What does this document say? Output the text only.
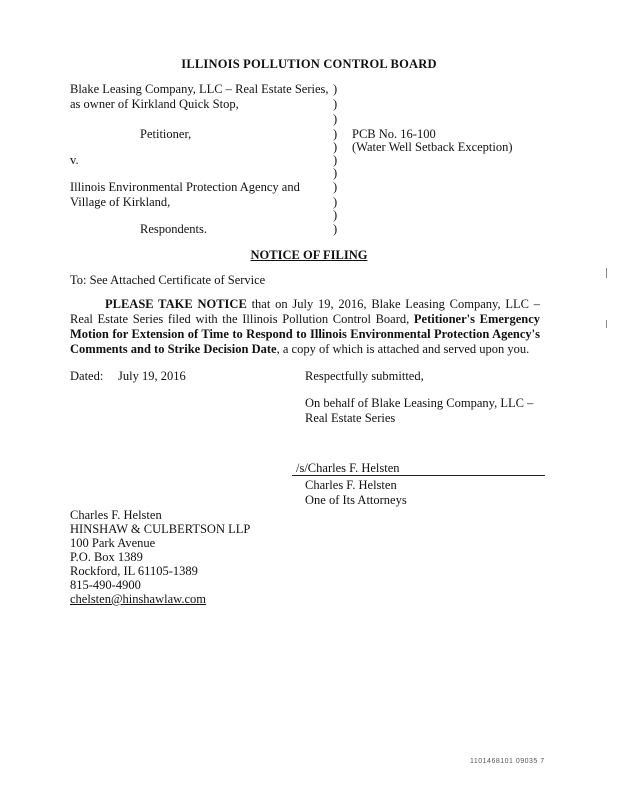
ILLINOIS POLLUTION CONTROL BOARD
Blake Leasing Company, LLC – Real Estate Series,
as owner of Kirkland Quick Stop,
Petitioner,
v.
Illinois Environmental Protection Agency and
Village of Kirkland,
Respondents.
)
)
)
)
)
)
)
)
)
)
)
PCB No. 16-100
(Water Well Setback Exception)
NOTICE OF FILING
To: See Attached Certificate of Service
PLEASE TAKE NOTICE that on July 19, 2016, Blake Leasing Company, LLC – Real Estate Series filed with the Illinois Pollution Control Board, Petitioner's Emergency Motion for Extension of Time to Respond to Illinois Environmental Protection Agency's Comments and to Strike Decision Date, a copy of which is attached and served upon you.
Dated: July 19, 2016	Respectfully submitted,
On behalf of Blake Leasing Company, LLC –
Real Estate Series
/s/Charles F. Helsten
Charles F. Helsten
One of Its Attorneys
Charles F. Helsten
HINSHAW & CULBERTSON LLP
100 Park Avenue
P.O. Box 1389
Rockford, IL 61105-1389
815-490-4900
chelsten@hinshawlaw.com
1101468101 09035 7
